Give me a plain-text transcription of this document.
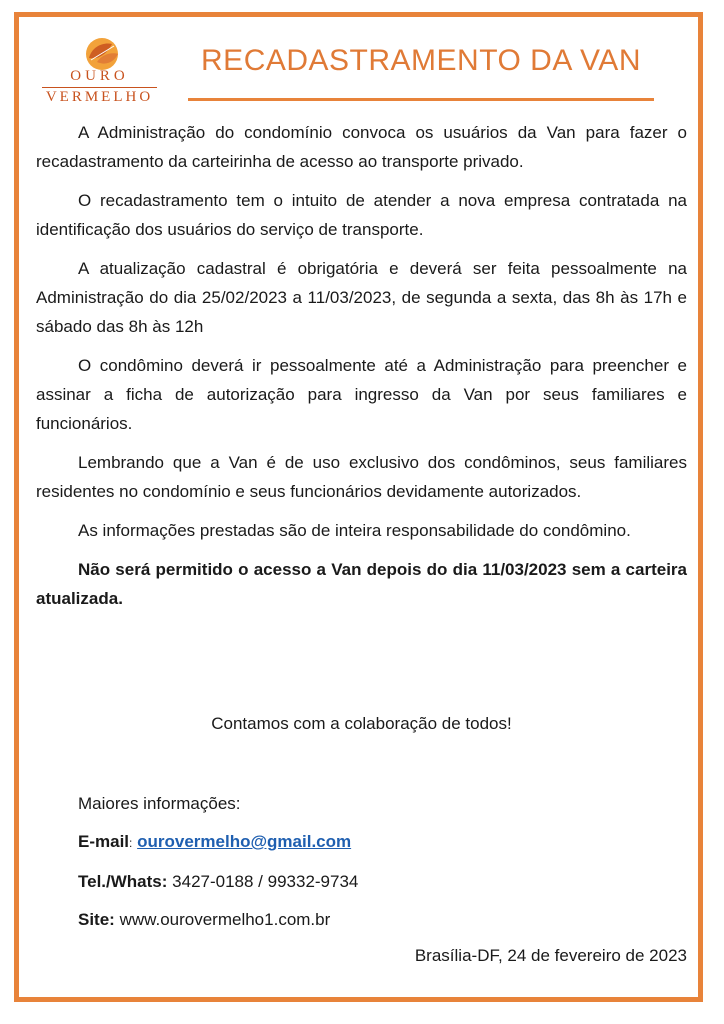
OURO
VERMELHO
RECADASTRAMENTO DA VAN

A Administração do condomínio convoca os usuários da Van para fazer o recadastramento da carteirinha de acesso ao transporte privado.

O recadastramento tem o intuito de atender a nova empresa contratada na identificação dos usuários do serviço de transporte.

A atualização cadastral é obrigatória e deverá ser feita pessoalmente na Administração do dia 25/02/2023 a 11/03/2023, de segunda a sexta, das 8h às 17h e sábado das 8h às 12h

O condômino deverá ir pessoalmente até a Administração para preencher e assinar a ficha de autorização para ingresso da Van por seus familiares e funcionários.

Lembrando que a Van é de uso exclusivo dos condôminos, seus familiares residentes no condomínio e seus funcionários devidamente autorizados.

As informações prestadas são de inteira responsabilidade do condômino.

Não será permitido o acesso a Van depois do dia 11/03/2023 sem a carteira atualizada.

Contamos com a colaboração de todos!
Maiores informações:
E-mail: ourovermelho@gmail.com
Tel./Whats: 3427-0188 / 99332-9734
Site: www.ourovermelho1.com.br
Brasília-DF, 24 de fevereiro de 2023
